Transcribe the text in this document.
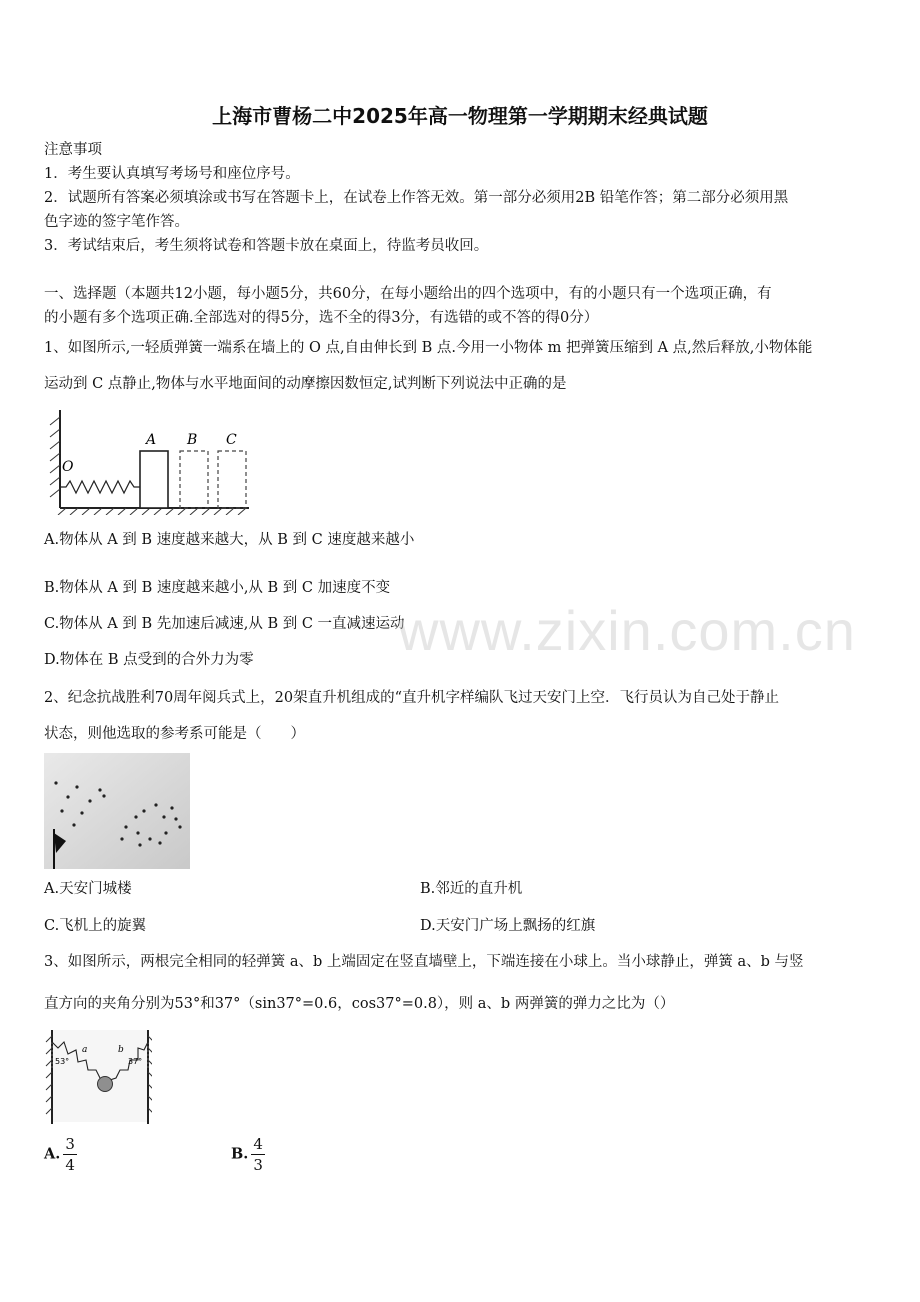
上海市曹杨二中2025年高一物理第一学期期末经典试题
注意事项
1．考生要认真填写考场号和座位序号。
2．试题所有答案必须填涂或书写在答题卡上，在试卷上作答无效。第一部分必须用2B 铅笔作答；第二部分必须用黑
色字迹的签字笔作答。
3．考试结束后，考生须将试卷和答题卡放在桌面上，待监考员收回。
一、选择题（本题共12小题，每小题5分，共60分，在每小题给出的四个选项中，有的小题只有一个选项正确，有
的小题有多个选项正确.全部选对的得5分，选不全的得3分，有选错的或不答的得0分）
1、如图所示,一轻质弹簧一端系在墙上的 O 点,自由伸长到 B 点.今用一小物体 m 把弹簧压缩到 A 点,然后释放,小物体能
运动到 C 点静止,物体与水平地面间的动摩擦因数恒定,试判断下列说法中正确的是
O
A B C
A.物体从 A 到 B 速度越来越大，从 B 到 C 速度越来越小
B.物体从 A 到 B 速度越来越小,从 B 到 C 加速度不变
C.物体从 A 到 B 先加速后减速,从 B 到 C 一直减速运动
D.物体在 B 点受到的合外力为零	www.zixin.com.cn
2、纪念抗战胜利70周年阅兵式上，20架直升机组成的“直升机字样编队飞过天安门上空．飞行员认为自己处于静止
状态，则他选取的参考系可能是（　　）
A.天安门城楼	B.邻近的直升机
C.飞机上的旋翼	D.天安门广场上飘扬的红旗
3、如图所示，两根完全相同的轻弹簧 a、b 上端固定在竖直墙壁上，下端连接在小球上。当小球静止，弹簧 a、b 与竖
直方向的夹角分别为53°和37°（sin37°=0.6，cos37°=0.8），则 a、b 两弹簧的弹力之比为（）
a	b
53°	37°
A. $\frac{3}{4}$	B. $\frac{4}{3}$
